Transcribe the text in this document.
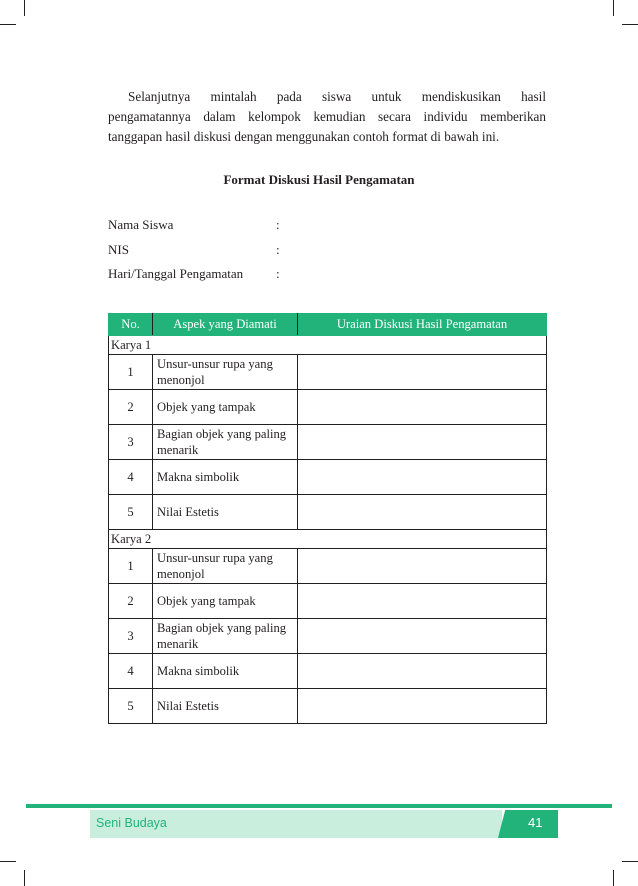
Selanjutnya mintalah pada siswa untuk mendiskusikan hasil
pengamatannya dalam kelompok kemudian secara individu memberikan tanggapan hasil diskusi dengan menggunakan contoh format di bawah ini.
Format Diskusi Hasil Pengamatan
Nama Siswa	:
NIS	:
Hari/Tanggal Pengamatan	:
No.	Aspek yang Diamati	Uraian Diskusi Hasil Pengamatan
Karya 1		
1	Unsur-unsur rupa yang menonjol	
2	Objek yang tampak	
3	Bagian objek yang paling menarik	
4	Makna simbolik	
5	Nilai Estetis	
Karya 2		
1	Unsur-unsur rupa yang menonjol	
2	Objek yang tampak	
3	Bagian objek yang paling menarik	
4	Makna simbolik	
5	Nilai Estetis	
Seni Budaya	41
